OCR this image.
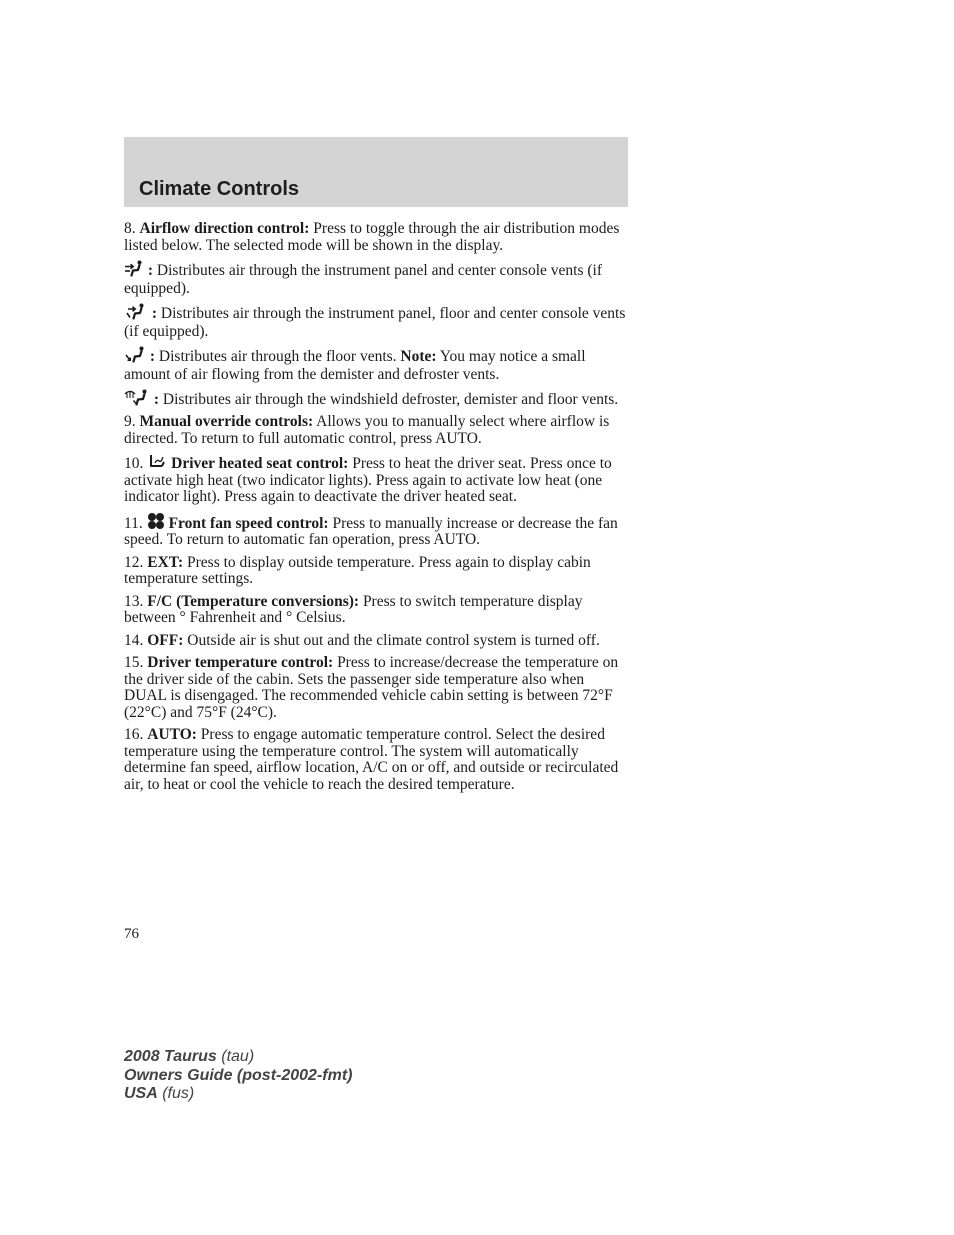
Climate Controls

8. Airflow direction control: Press to toggle through the air distribution modes listed below. The selected mode will be shown in the display.

: Distributes air through the instrument panel and center console vents (if equipped).

: Distributes air through the instrument panel, floor and center console vents (if equipped).

: Distributes air through the floor vents. Note: You may notice a small amount of air flowing from the demister and defroster vents.

: Distributes air through the windshield defroster, demister and floor vents.

9. Manual override controls: Allows you to manually select where airflow is directed. To return to full automatic control, press AUTO.

10. Driver heated seat control: Press to heat the driver seat. Press once to activate high heat (two indicator lights). Press again to activate low heat (one indicator light). Press again to deactivate the driver heated seat.

11. Front fan speed control: Press to manually increase or decrease the fan speed. To return to automatic fan operation, press AUTO.

12. EXT: Press to display outside temperature. Press again to display cabin temperature settings.

13. F/C (Temperature conversions): Press to switch temperature display between ° Fahrenheit and ° Celsius.

14. OFF: Outside air is shut out and the climate control system is turned off.

15. Driver temperature control: Press to increase/decrease the temperature on the driver side of the cabin. Sets the passenger side temperature also when DUAL is disengaged. The recommended vehicle cabin setting is between 72°F (22°C) and 75°F (24°C).

16. AUTO: Press to engage automatic temperature control. Select the desired temperature using the temperature control. The system will automatically determine fan speed, airflow location, A/C on or off, and outside or recirculated air, to heat or cool the vehicle to reach the desired temperature.

76
2008 Taurus (tau)
Owners Guide (post-2002-fmt)
USA (fus)
